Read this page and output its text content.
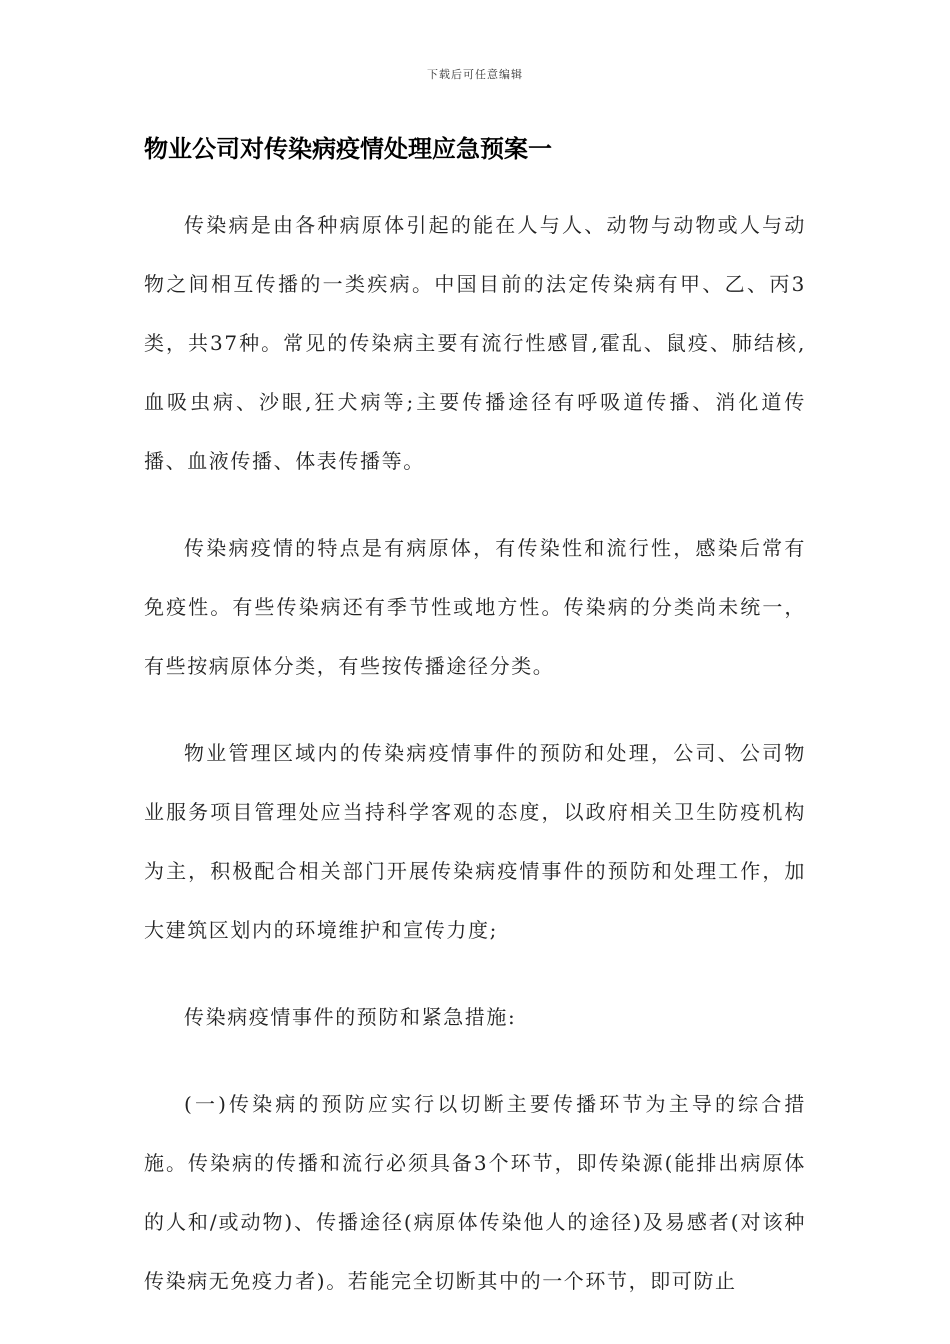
下载后可任意编辑
物业公司对传染病疫情处理应急预案一

传染病是由各种病原体引起的能在人与人、动物与动物或人与动物之间相互传播的一类疾病。中国目前的法定传染病有甲、乙、丙3类，共37种。常见的传染病主要有流行性感冒,霍乱、鼠疫、肺结核,血吸虫病、沙眼,狂犬病等;主要传播途径有呼吸道传播、消化道传播、血液传播、体表传播等。

传染病疫情的特点是有病原体，有传染性和流行性，感染后常有免疫性。有些传染病还有季节性或地方性。传染病的分类尚未统一，有些按病原体分类，有些按传播途径分类。

物业管理区域内的传染病疫情事件的预防和处理，公司、公司物业服务项目管理处应当持科学客观的态度，以政府相关卫生防疫机构为主，积极配合相关部门开展传染病疫情事件的预防和处理工作，加大建筑区划内的环境维护和宣传力度;

传染病疫情事件的预防和紧急措施:

(一)传染病的预防应实行以切断主要传播环节为主导的综合措施。传染病的传播和流行必须具备3个环节，即传染源(能排出病原体的人和/或动物)、传播途径(病原体传染他人的途径)及易感者(对该种传染病无免疫力者)。若能完全切断其中的一个环节，即可防止
